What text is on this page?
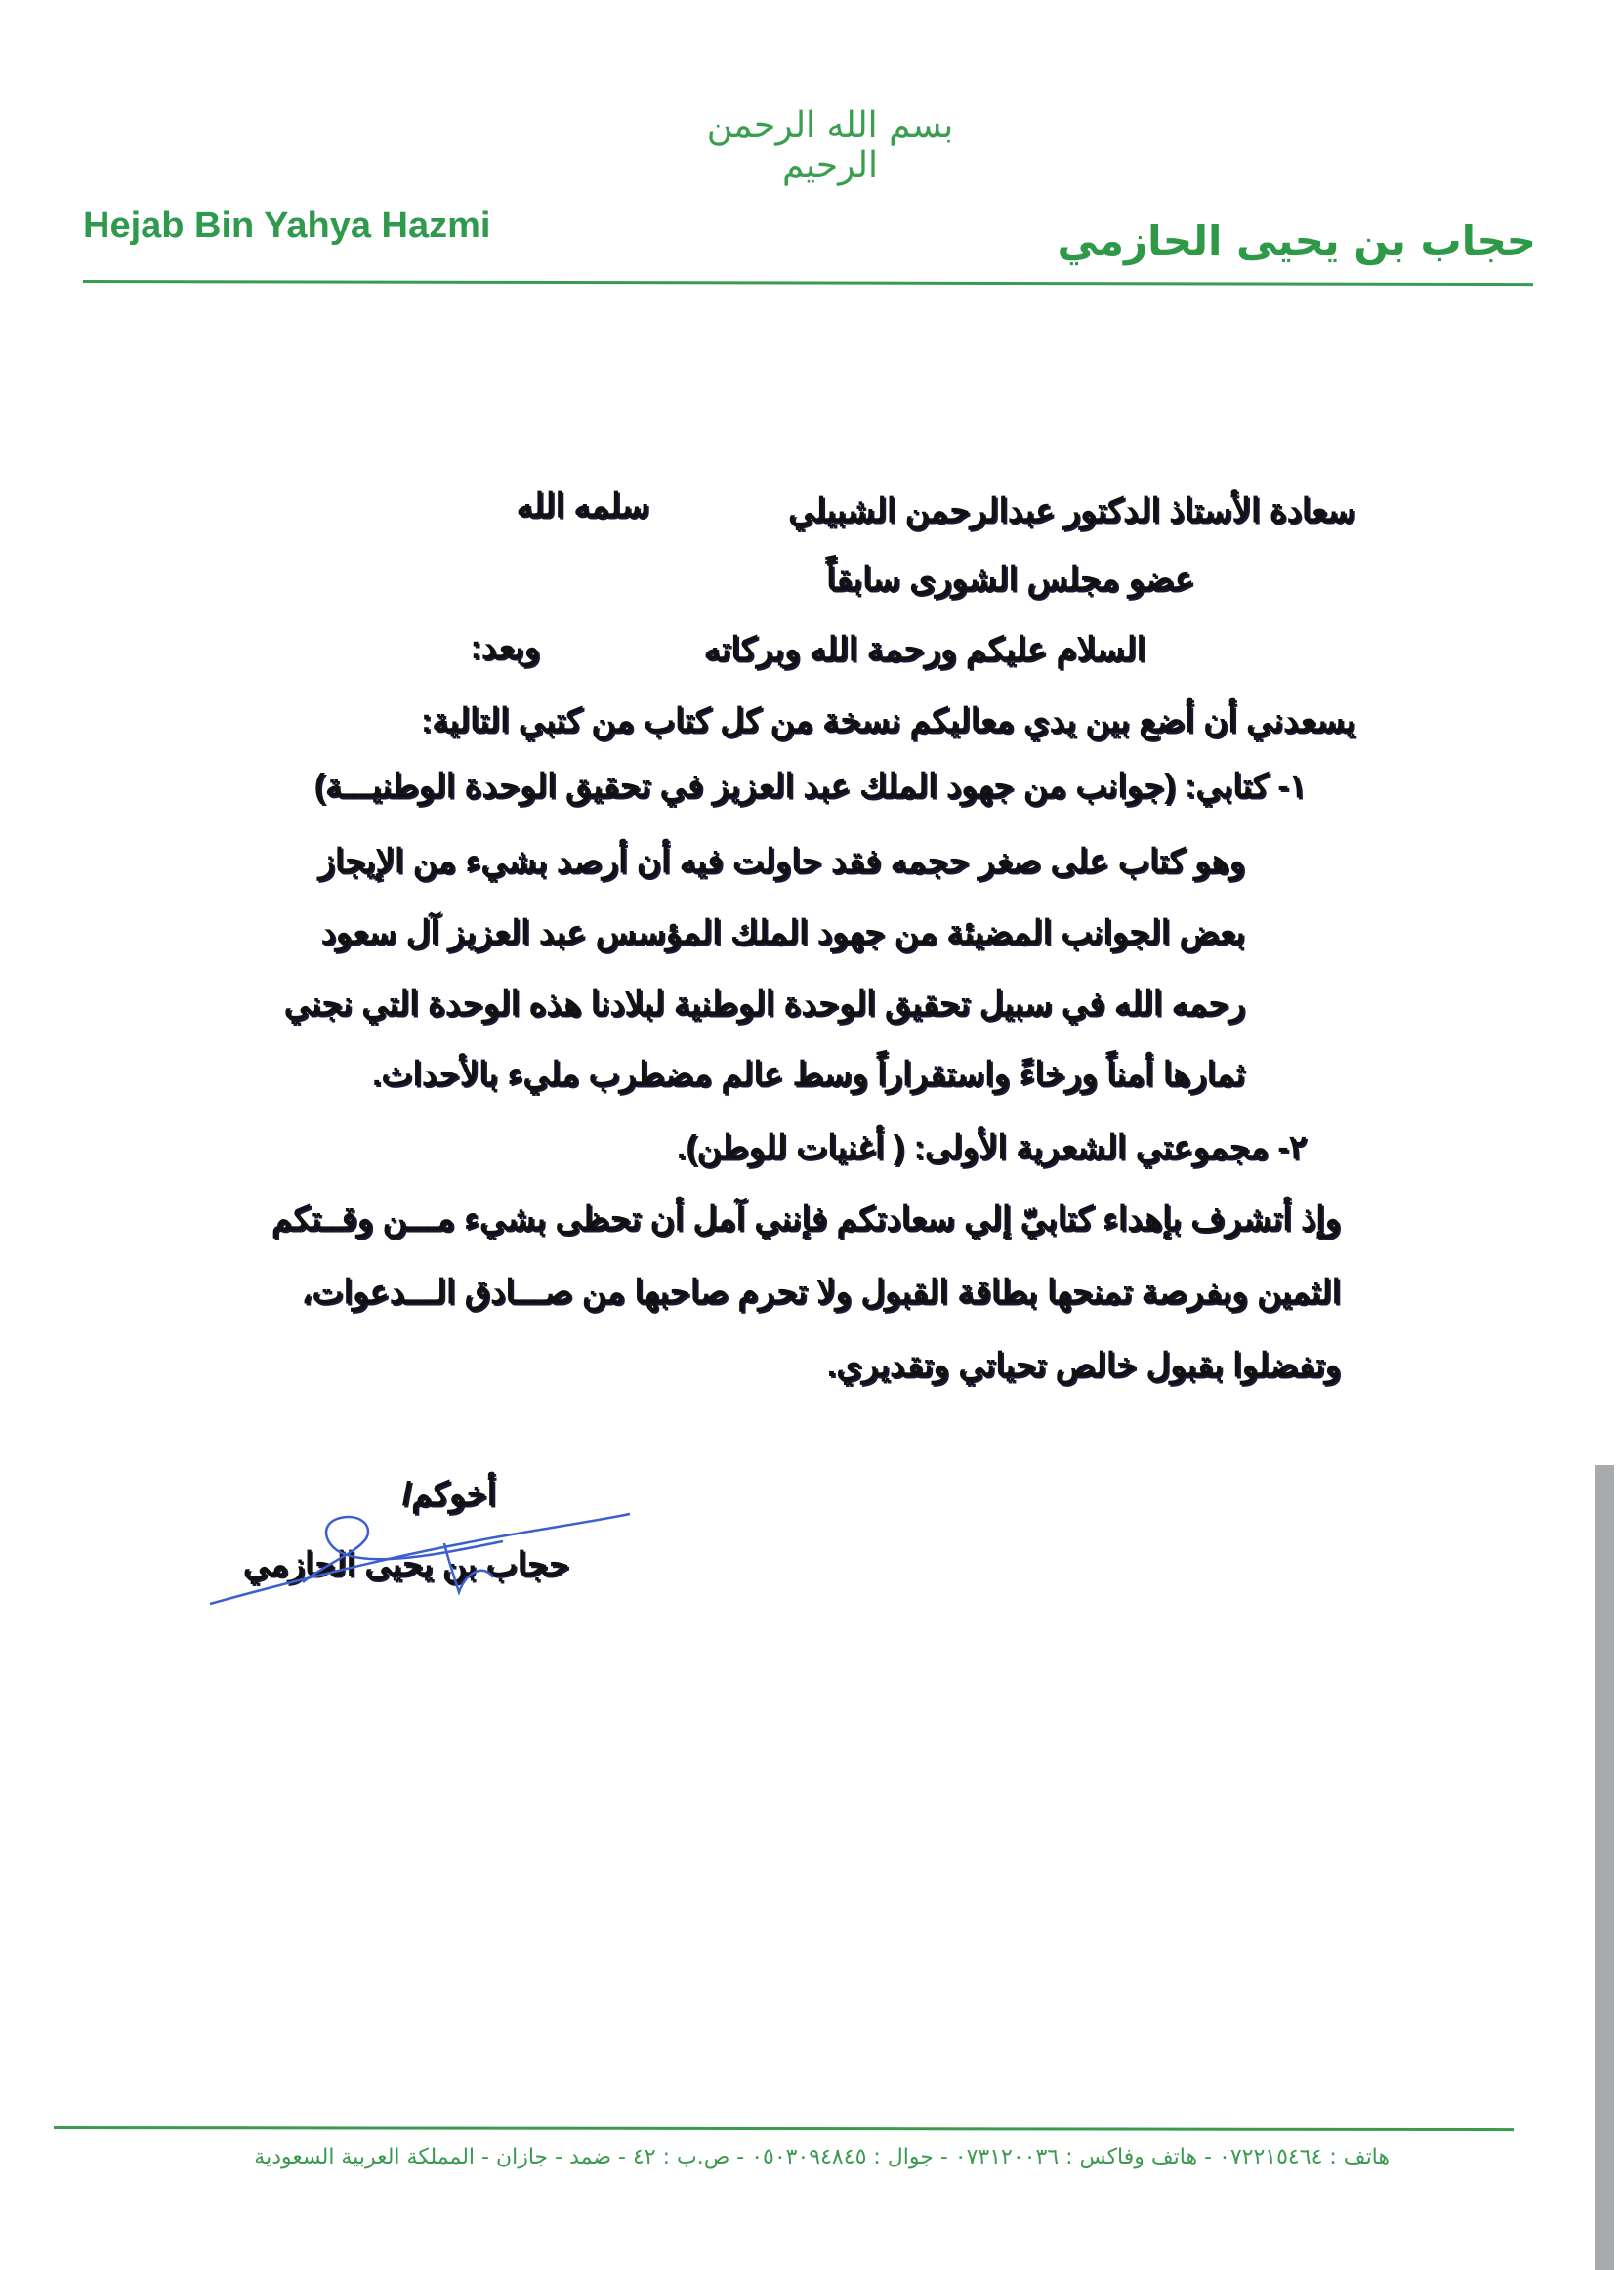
بسم الله الرحمن الرحيم
Hejab Bin Yahya Hazmi	حجاب بن يحيى الحازمي
سعادة الأستاذ الدكتور عبدالرحمن الشبيلي
سلمه الله
عضو مجلس الشورى سابقاً
السلام عليكم ورحمة الله وبركاته
وبعد:
يسعدني أن أضع بين يدي معاليكم نسخة من كل كتاب من كتبي التالية:
١- كتابي: (جوانب من جهود الملك عبد العزيز في تحقيق الوحدة الوطنيـــة)
وهو كتاب على صغر حجمه فقد حاولت فيه أن أرصد بشيء من الإيجاز
بعض الجوانب المضيئة من جهود الملك المؤسس عبد العزيز آل سعود
رحمه الله في سبيل تحقيق الوحدة الوطنية لبلادنا هذه الوحدة التي نجني
ثمارها أمناً ورخاءً واستقراراً وسط عالم مضطرب مليء بالأحداث.
٢- مجموعتي الشعرية الأولى: ( أغنيات للوطن).
وإذ أتشرف بإهداء كتابيّ إلي سعادتكم فإنني آمل أن تحظى بشيء مـــن وقــتكم
الثمين وبفرصة تمنحها بطاقة القبول ولا تحرم صاحبها من صـــادق الـــدعوات،
وتفضلوا بقبول خالص تحياتي وتقديري.
أخوكم/
حجاب بن يحيى الحازمي
هاتف : ٠٧٢٢١٥٤٦٤ - هاتف وفاكس : ٠٧٣١٢٠٠٣٦ - جوال : ٠٥٠٣٠٩٤٨٤٥ - ص.ب : ٤٢ - ضمد - جازان - المملكة العربية السعودية
